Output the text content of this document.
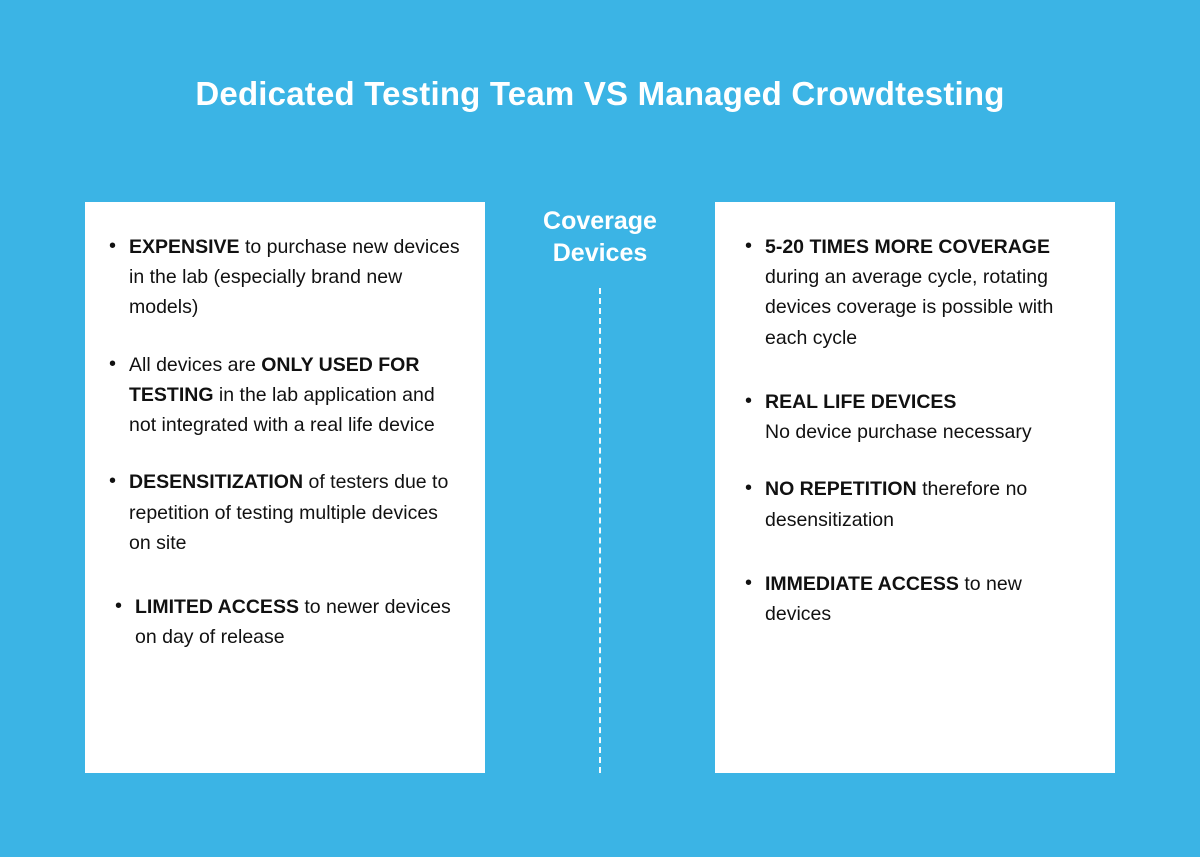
Dedicated Testing Team VS Managed Crowdtesting
• EXPENSIVE to purchase new devices in the lab (especially brand new models)
• All devices are ONLY USED FOR TESTING in the lab application and not integrated with a real life device
• DESENSITIZATION of testers due to repetition of testing multiple devices on site
• LIMITED ACCESS to newer devices on day of release
Coverage
Devices	• 5-20 TIMES MORE COVERAGE during an average cycle, rotating devices coverage is possible with each cycle
• REAL LIFE DEVICES
No device purchase necessary
• NO REPETITION therefore no desensitization
• IMMEDIATE ACCESS to new devices
